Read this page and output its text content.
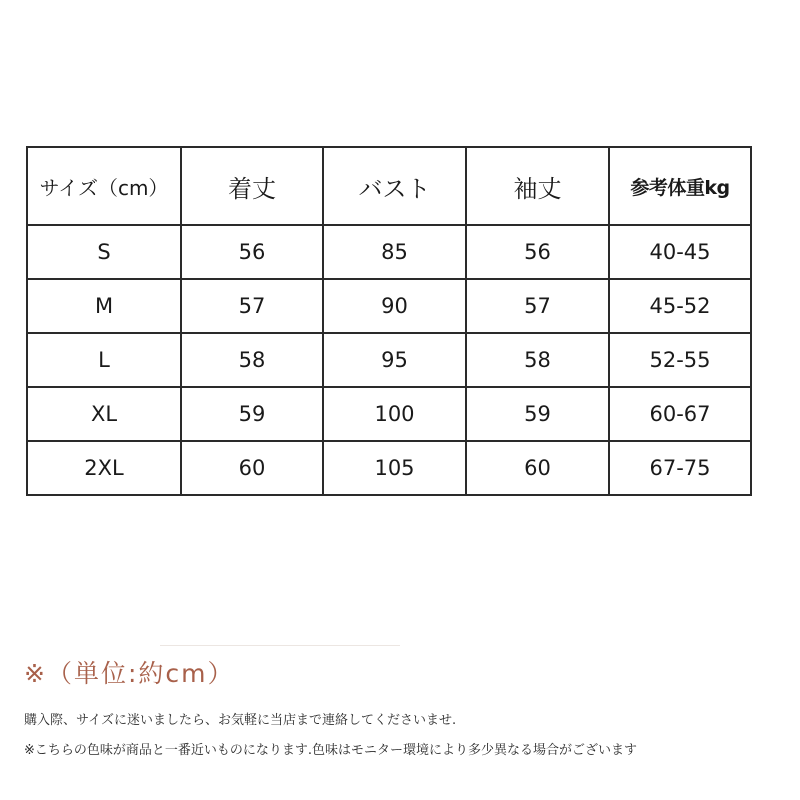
サイズ（cm）	着丈	バスト	袖丈	参考体重kg
S	56	85	56	40-45
M	57	90	57	45-52
L	58	95	58	52-55
XL	59	100	59	60-67
2XL	60	105	60	67-75
※（単位:約cm）
購入際、サイズに迷いましたら、お気軽に当店まで連絡してくださいませ.
※こちらの色味が商品と一番近いものになります.色味はモニター環境により多少異なる場合がございます
